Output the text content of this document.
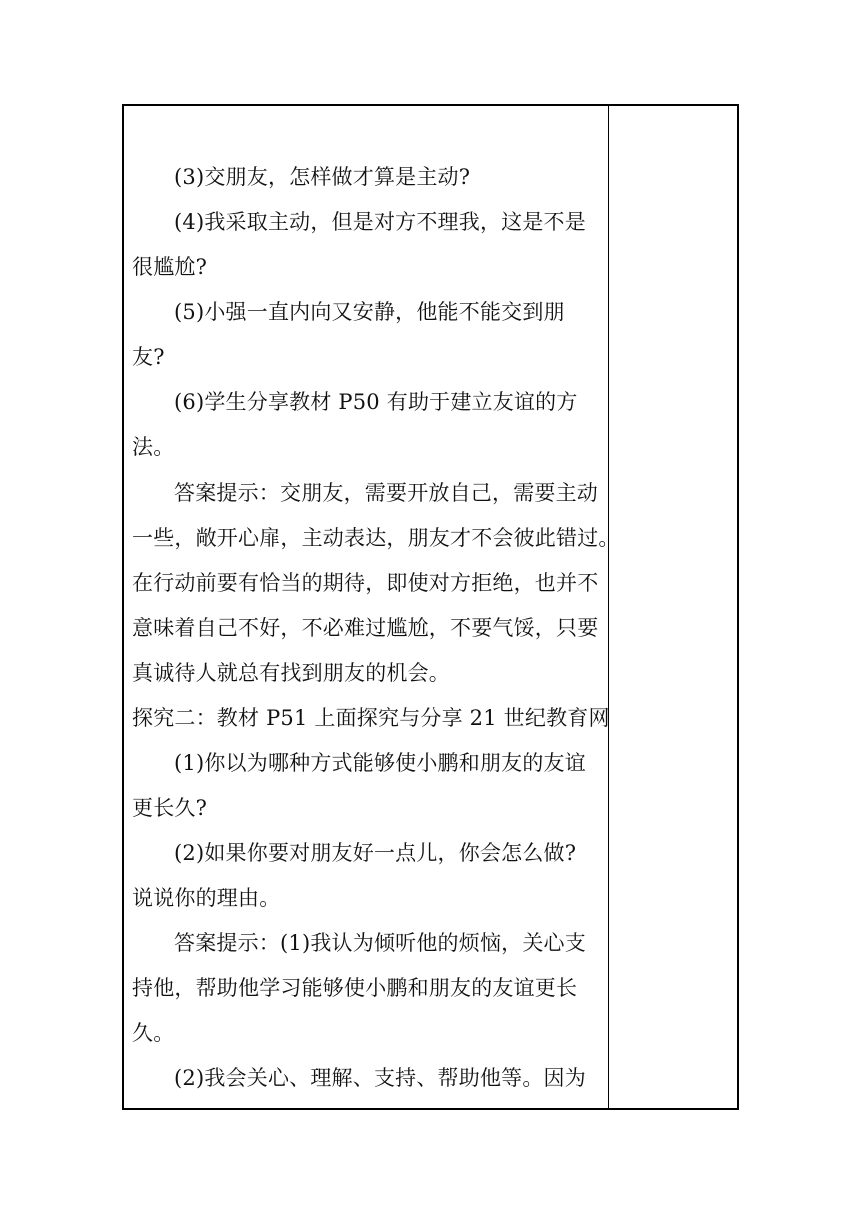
(3)交朋友，怎样做才算是主动?
(4)我采取主动，但是对方不理我，这是不是
很尴尬?
(5)小强一直内向又安静，他能不能交到朋
友?
(6)学生分享教材 P50 有助于建立友谊的方
法。
答案提示：交朋友，需要开放自己，需要主动
一些，敞开心扉，主动表达，朋友才不会彼此错过。
在行动前要有恰当的期待，即使对方拒绝，也并不
意味着自己不好，不必难过尴尬，不要气馁，只要
真诚待人就总有找到朋友的机会。
探究二：教材 P51 上面探究与分享 21 世纪教育网
(1)你以为哪种方式能够使小鹏和朋友的友谊
更长久?
(2)如果你要对朋友好一点儿，你会怎么做?
说说你的理由。
答案提示：(1)我认为倾听他的烦恼，关心支
持他，帮助他学习能够使小鹏和朋友的友谊更长
久。
(2)我会关心、理解、支持、帮助他等。因为
